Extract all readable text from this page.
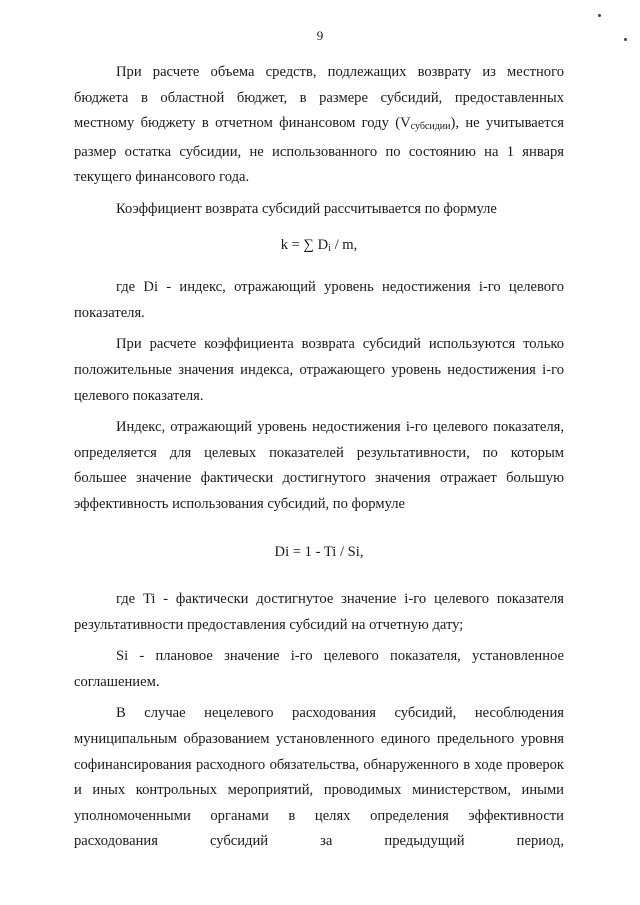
9

При расчете объема средств, подлежащих возврату из местного бюджета в областной бюджет, в размере субсидий, предоставленных местному бюджету в отчетном финансовом году $(V_{субсидии})$, не учитывается размер остатка субсидии, не использованного по состоянию на 1 января текущего финансового года.

Коэффициент возврата субсидий рассчитывается по формуле

k = ∑ $D_i$ / m,

где Di - индекс, отражающий уровень недостижения i-го целевого показателя.

При расчете коэффициента возврата субсидий используются только положительные значения индекса, отражающего уровень недостижения i-го целевого показателя.

Индекс, отражающий уровень недостижения i-го целевого показателя, определяется для целевых показателей результативности, по которым большее значение фактически достигнутого значения отражает большую эффективность использования субсидий, по формуле

Di = 1 - Ti / Si,

где Ti - фактически достигнутое значение i-го целевого показателя результативности предоставления субсидий на отчетную дату;

Si - плановое значение i-го целевого показателя, установленное соглашением.

В случае нецелевого расходования субсидий, несоблюдения муниципальным образованием установленного единого предельного уровня софинансирования расходного обязательства, обнаруженного в ходе проверок и иных контрольных мероприятий, проводимых министерством, иными уполномоченными органами в целях определения эффективности расходования субсидий за предыдущий период,
